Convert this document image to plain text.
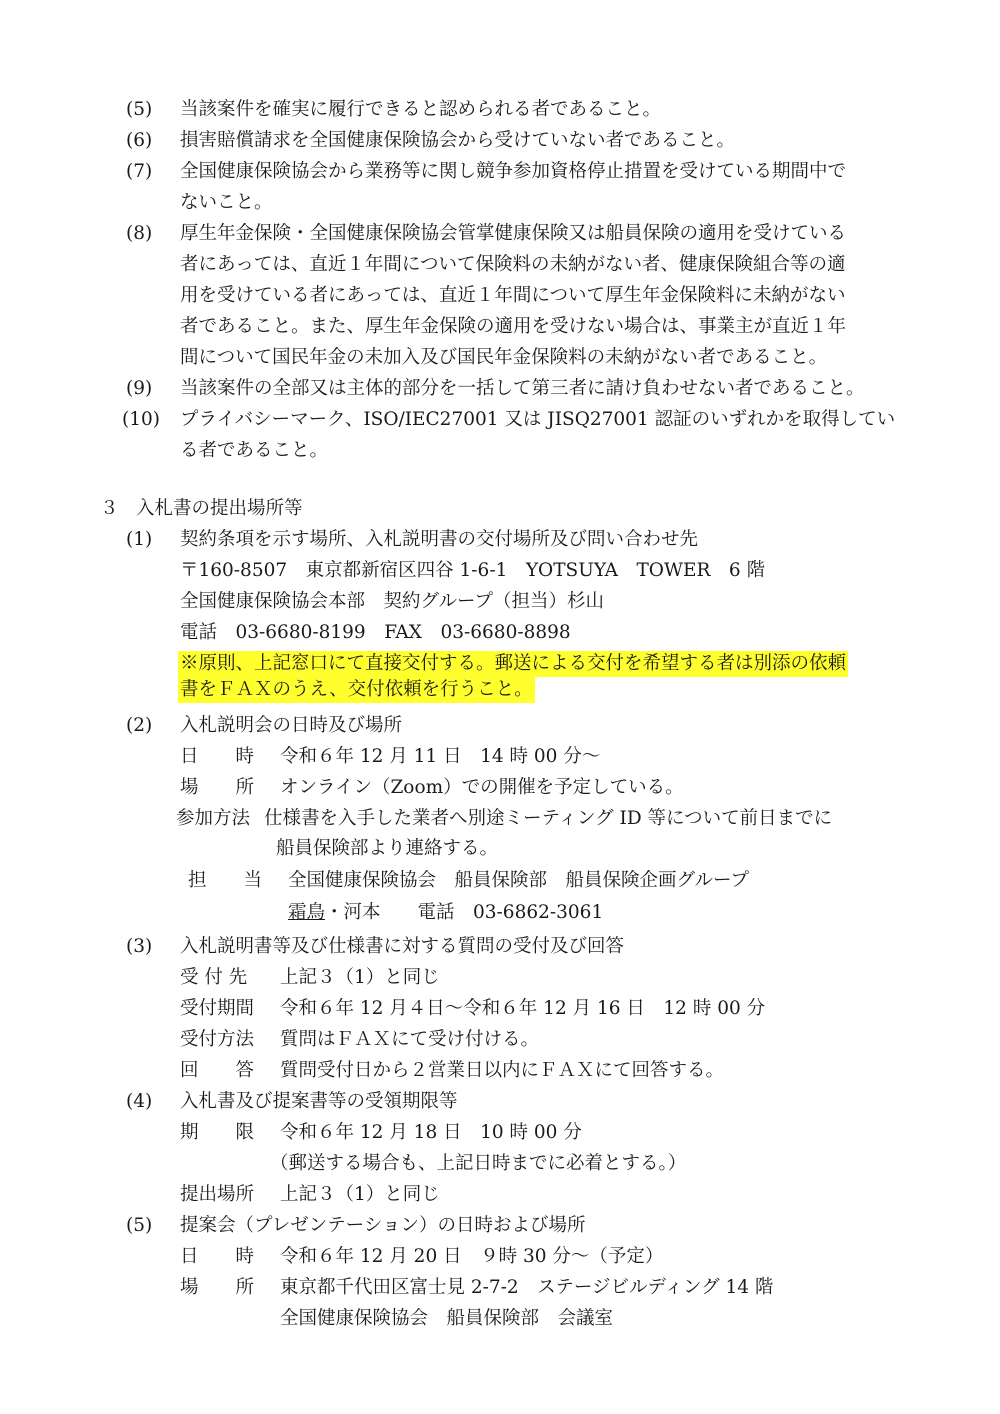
(5) 当該案件を確実に履行できると認められる者であること。
(6) 損害賠償請求を全国健康保険協会から受けていない者であること。
(7) 全国健康保険協会から業務等に関し競争参加資格停止措置を受けている期間中で
ないこと。
(8) 厚生年金保険・全国健康保険協会管掌健康保険又は船員保険の適用を受けている
者にあっては、直近１年間について保険料の未納がない者、健康保険組合等の適
用を受けている者にあっては、直近１年間について厚生年金保険料に未納がない
者であること。また、厚生年金保険の適用を受けない場合は、事業主が直近１年
間について国民年金の未加入及び国民年金保険料の未納がない者であること。
(9) 当該案件の全部又は主体的部分を一括して第三者に請け負わせない者であること。
(10) プライバシーマーク、ISO/IEC27001 又は JISQ27001 認証のいずれかを取得してい
る者であること。
３ 入札書の提出場所等
(1) 契約条項を示す場所、入札説明書の交付場所及び問い合わせ先
〒160-8507　東京都新宿区四谷 1-6-1　YOTSUYA　TOWER　6 階
全国健康保険協会本部　契約グループ（担当）杉山
電話　03-6680-8199　FAX　03-6680-8898
※原則、上記窓口にて直接交付する。郵送による交付を希望する者は別添の依頼
書をＦＡＸのうえ、交付依頼を行うこと。
(2) 入札説明会の日時及び場所
日　　時 令和６年 12 月 11 日　14 時 00 分～
場　　所 オンライン（Zoom）での開催を予定している。
参加方法 仕様書を入手した業者へ別途ミーティング ID 等について前日までに
船員保険部より連絡する。
担　　当 全国健康保険協会　船員保険部　船員保険企画グループ
霜鳥・河本　　電話　03-6862-3061
(3) 入札説明書等及び仕様書に対する質問の受付及び回答
受 付 先 上記３（1）と同じ
受付期間 令和６年 12 月４日～令和６年 12 月 16 日　12 時 00 分
受付方法 質問はＦＡＸにて受け付ける。
回　　答 質問受付日から２営業日以内にＦＡＸにて回答する。
(4) 入札書及び提案書等の受領期限等
期　　限 令和６年 12 月 18 日　10 時 00 分
（郵送する場合も、上記日時までに必着とする。）
提出場所 上記３（1）と同じ
(5) 提案会（プレゼンテーション）の日時および場所
日　　時 令和６年 12 月 20 日　９時 30 分～（予定）
場　　所 東京都千代田区富士見 2-7-2　ステージビルディング 14 階
全国健康保険協会　船員保険部　会議室
